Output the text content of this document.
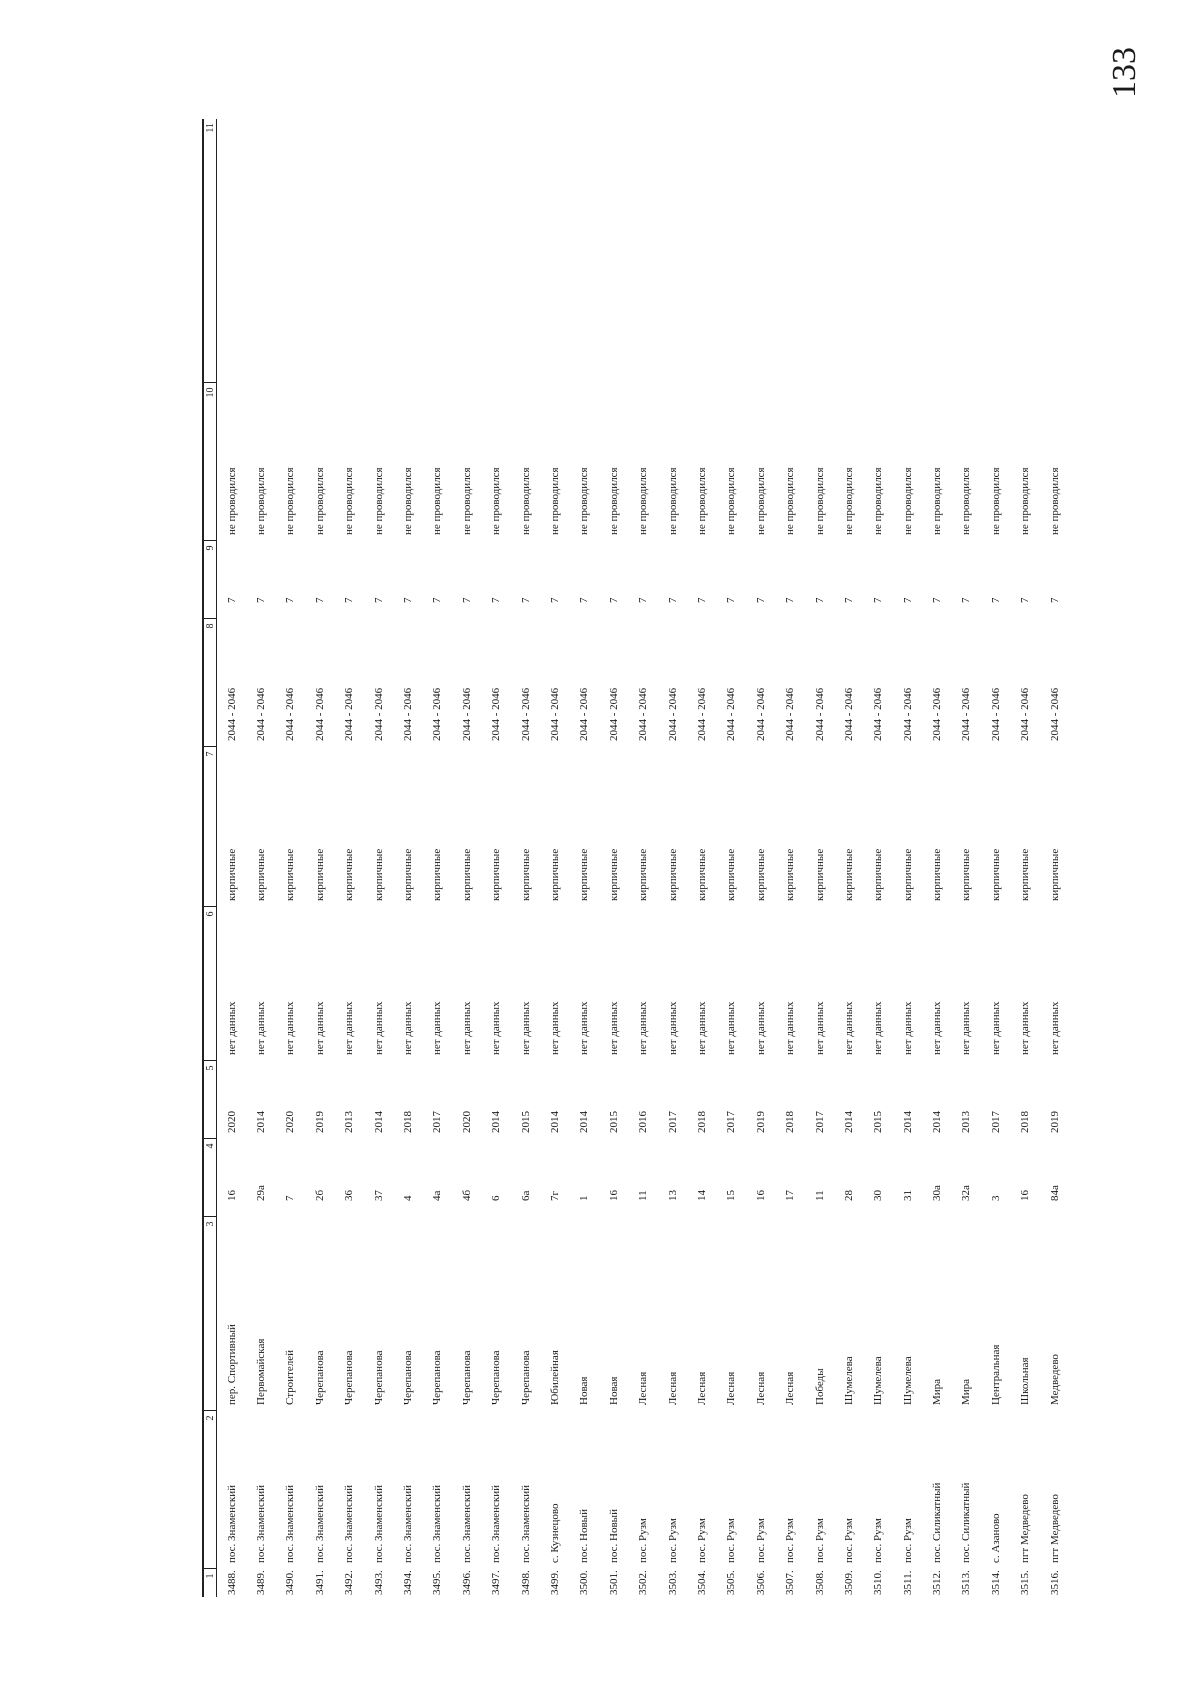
133
1	2	3	4	5	6	7	8	9	10	11
3488.	пос. Знаменский	пер. Спортивный	16	2020	нет данных	кирпичные	2044 - 2046	7	не проводился	
3489.	пос. Знаменский	Первомайская	29а	2014	нет данных	кирпичные	2044 - 2046	7	не проводился	
3490.	пос. Знаменский	Строителей	7	2020	нет данных	кирпичные	2044 - 2046	7	не проводился	
3491.	пос. Знаменский	Черепанова	2б	2019	нет данных	кирпичные	2044 - 2046	7	не проводился	
3492.	пос. Знаменский	Черепанова	36	2013	нет данных	кирпичные	2044 - 2046	7	не проводился	
3493.	пос. Знаменский	Черепанова	37	2014	нет данных	кирпичные	2044 - 2046	7	не проводился	
3494.	пос. Знаменский	Черепанова	4	2018	нет данных	кирпичные	2044 - 2046	7	не проводился	
3495.	пос. Знаменский	Черепанова	4а	2017	нет данных	кирпичные	2044 - 2046	7	не проводился	
3496.	пос. Знаменский	Черепанова	4б	2020	нет данных	кирпичные	2044 - 2046	7	не проводился	
3497.	пос. Знаменский	Черепанова	6	2014	нет данных	кирпичные	2044 - 2046	7	не проводился	
3498.	пос. Знаменский	Черепанова	6а	2015	нет данных	кирпичные	2044 - 2046	7	не проводился	
3499.	с. Кузнецово	Юбилейная	7г	2014	нет данных	кирпичные	2044 - 2046	7	не проводился	
3500.	пос. Новый	Новая	1	2014	нет данных	кирпичные	2044 - 2046	7	не проводился	
3501.	пос. Новый	Новая	16	2015	нет данных	кирпичные	2044 - 2046	7	не проводился	
3502.	пос. Рузм	Лесная	11	2016	нет данных	кирпичные	2044 - 2046	7	не проводился	
3503.	пос. Рузм	Лесная	13	2017	нет данных	кирпичные	2044 - 2046	7	не проводился	
3504.	пос. Рузм	Лесная	14	2018	нет данных	кирпичные	2044 - 2046	7	не проводился	
3505.	пос. Рузм	Лесная	15	2017	нет данных	кирпичные	2044 - 2046	7	не проводился	
3506.	пос. Рузм	Лесная	16	2019	нет данных	кирпичные	2044 - 2046	7	не проводился	
3507.	пос. Рузм	Лесная	17	2018	нет данных	кирпичные	2044 - 2046	7	не проводился	
3508.	пос. Рузм	Победы	11	2017	нет данных	кирпичные	2044 - 2046	7	не проводился	
3509.	пос. Рузм	Шумелева	28	2014	нет данных	кирпичные	2044 - 2046	7	не проводился	
3510.	пос. Рузм	Шумелева	30	2015	нет данных	кирпичные	2044 - 2046	7	не проводился	
3511.	пос. Рузм	Шумелева	31	2014	нет данных	кирпичные	2044 - 2046	7	не проводился	
3512.	пос. Силикатный	Мира	30а	2014	нет данных	кирпичные	2044 - 2046	7	не проводился	
3513.	пос. Силикатный	Мира	32а	2013	нет данных	кирпичные	2044 - 2046	7	не проводился	
3514.	с. Азаново	Центральная	3	2017	нет данных	кирпичные	2044 - 2046	7	не проводился	
3515.	пгт Медведево	Школьная	16	2018	нет данных	кирпичные	2044 - 2046	7	не проводился	
3516.	пгт Медведево	Медведево	84а	2019	нет данных	кирпичные	2044 - 2046	7	не проводился	
